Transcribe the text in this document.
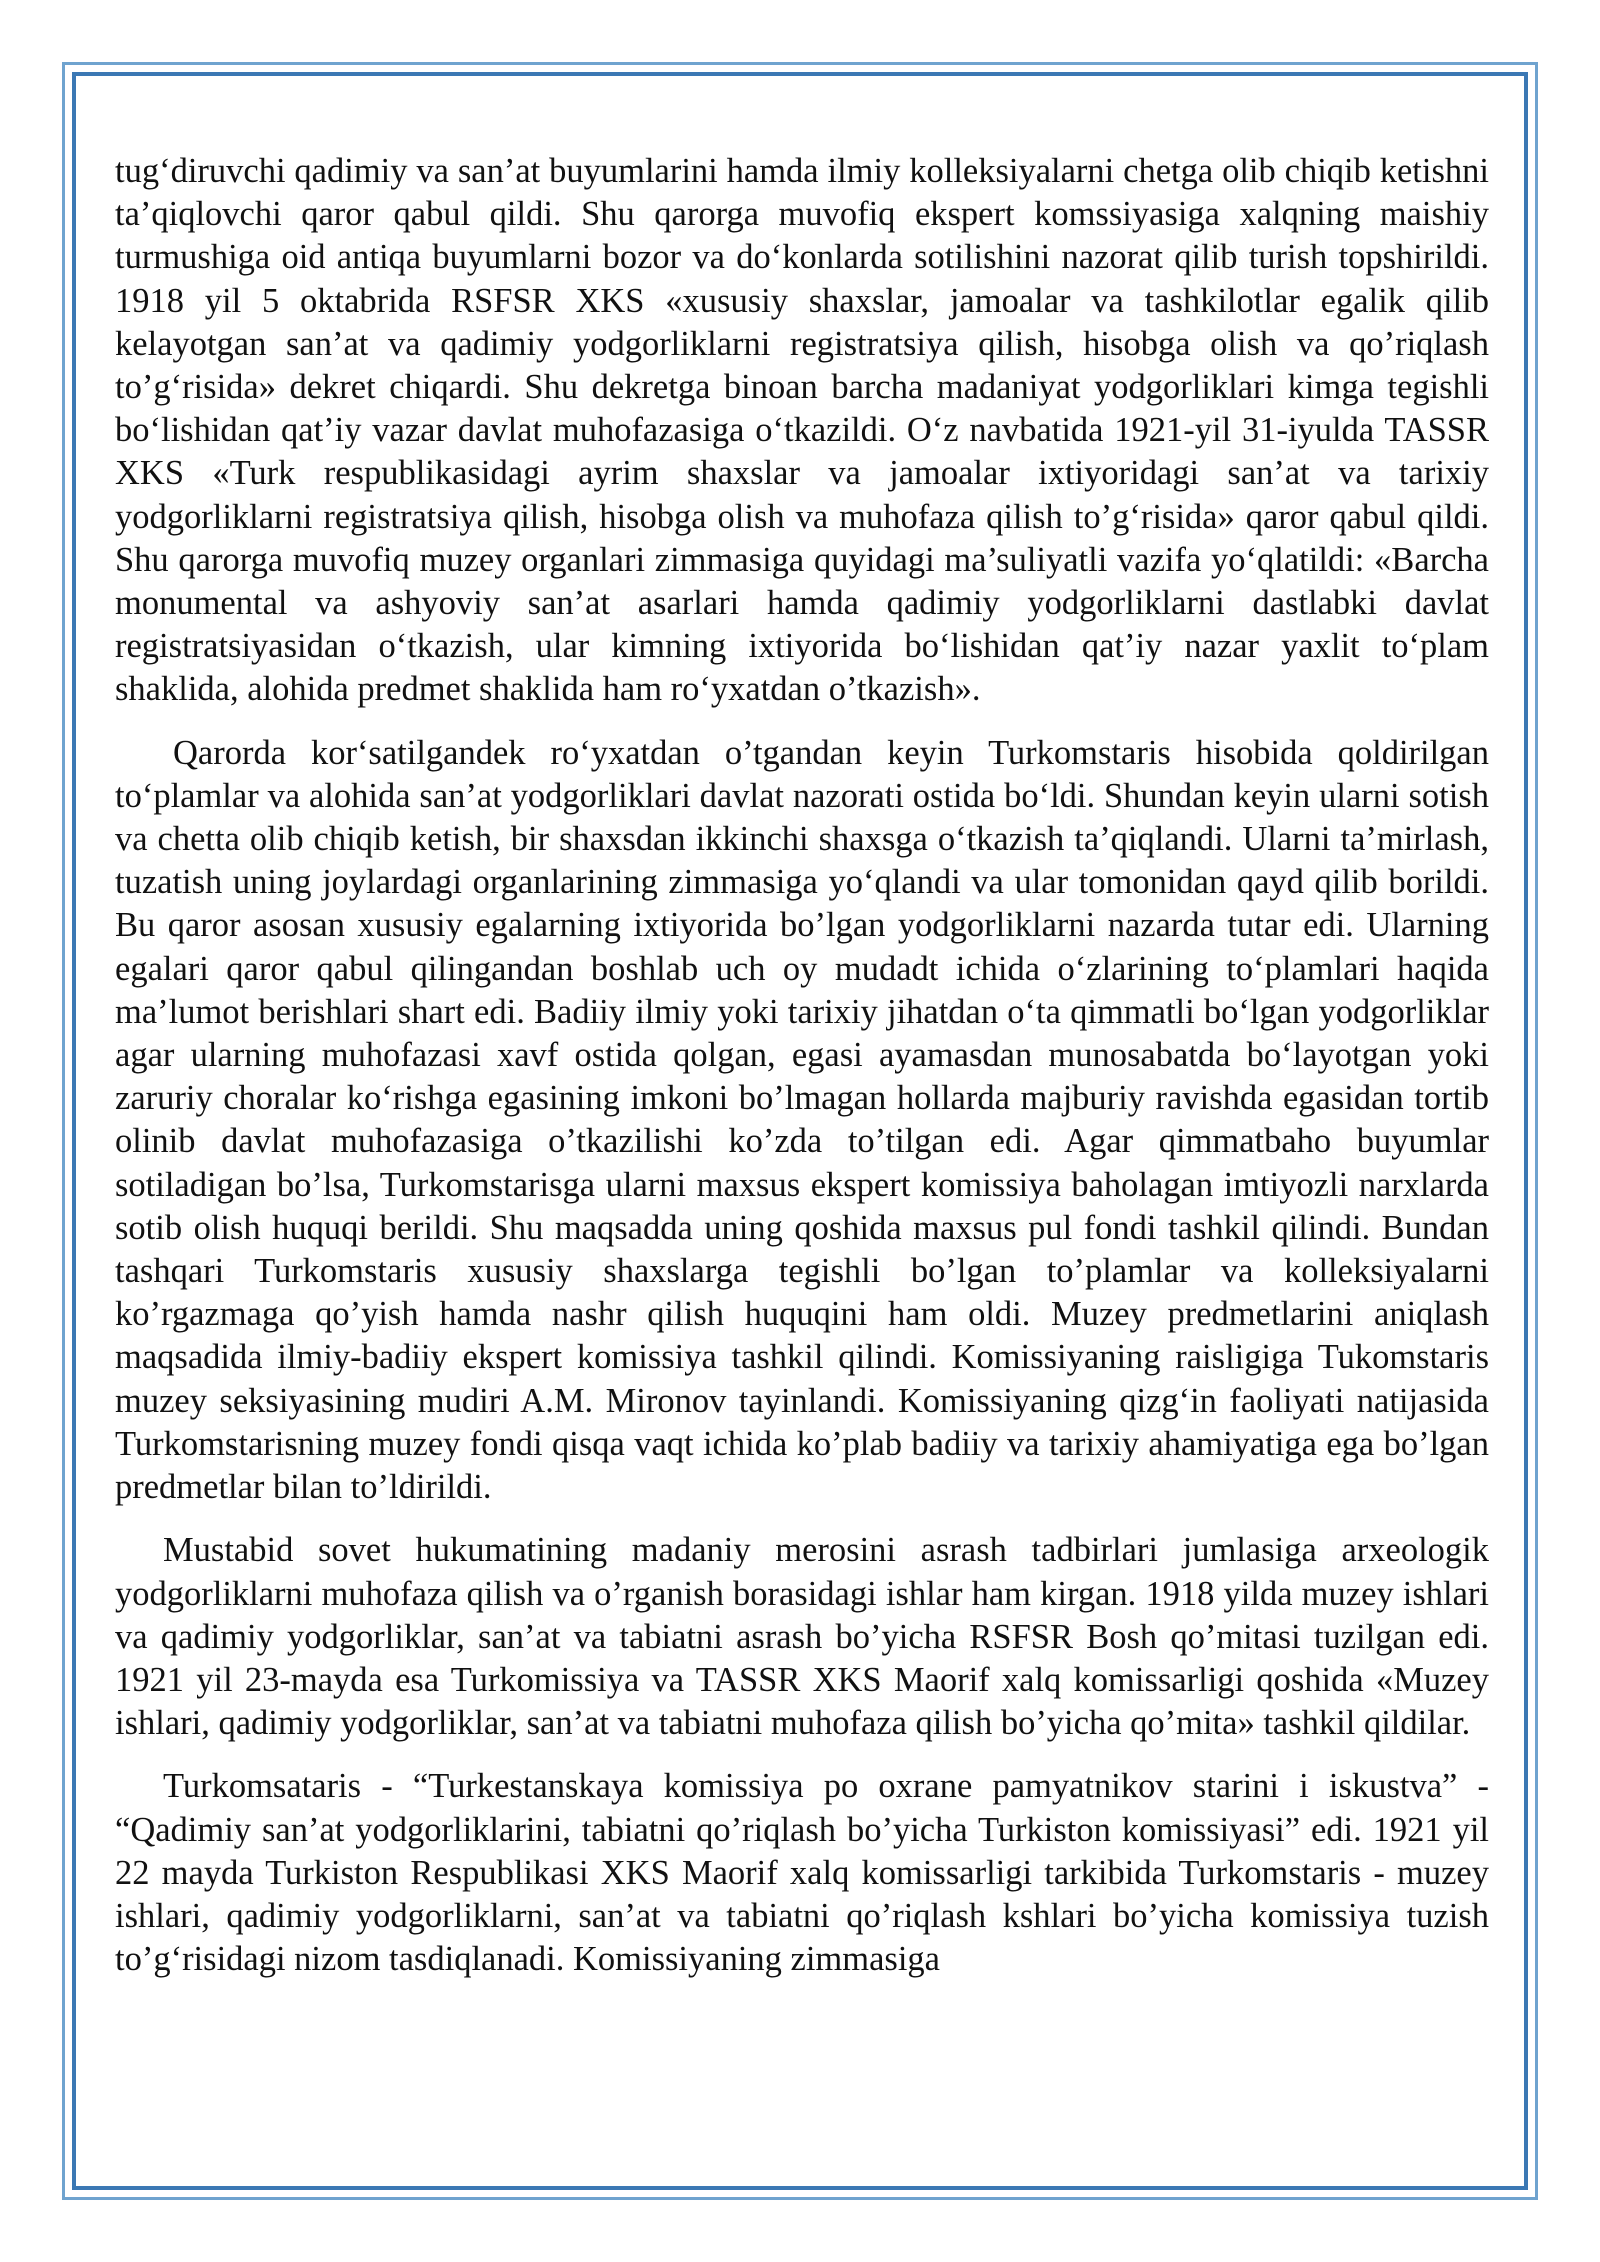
tug‘diruvchi qadimiy va san’at buyumlarini hamda ilmiy kolleksiyalarni chetga olib chiqib ketishni ta’qiqlovchi qaror qabul qildi. Shu qarorga muvofiq ekspert komssiyasiga xalqning maishiy turmushiga oid antiqa buyumlarni bozor va do‘konlarda sotilishini nazorat qilib turish topshirildi. 1918 yil 5 oktabrida RSFSR XKS «xususiy shaxslar, jamoalar va tashkilotlar egalik qilib kelayotgan san’at va qadimiy yodgorliklarni registratsiya qilish, hisobga olish va qo’riqlash to’g‘risida» dekret chiqardi. Shu dekretga binoan barcha madaniyat yodgorliklari kimga tegishli bo‘lishidan qat’iy vazar davlat muhofazasiga o‘tkazildi. O‘z navbatida 1921-yil 31-iyulda TASSR XKS «Turk respublikasidagi ayrim shaxslar va jamoalar ixtiyoridagi san’at va tarixiy yodgorliklarni registratsiya qilish, hisobga olish va muhofaza qilish to’g‘risida» qaror qabul qildi. Shu qarorga muvofiq muzey organlari zimmasiga quyidagi ma’suliyatli vazifa yo‘qlatildi: «Barcha monumental va ashyoviy san’at asarlari hamda qadimiy yodgorliklarni dastlabki davlat registratsiyasidan o‘tkazish, ular kimning ixtiyorida bo‘lishidan qat’iy nazar yaxlit to‘plam shaklida, alohida predmet shaklida ham ro‘yxatdan o’tkazish».

Qarorda kor‘satilgandek ro‘yxatdan o’tgandan keyin Turkomstaris hisobida qoldirilgan to‘plamlar va alohida san’at yodgorliklari davlat nazorati ostida bo‘ldi. Shundan keyin ularni sotish va chetta olib chiqib ketish, bir shaxsdan ikkinchi shaxsga o‘tkazish ta’qiqlandi. Ularni ta’mirlash, tuzatish uning joylardagi organlarining zimmasiga yo‘qlandi va ular tomonidan qayd qilib borildi. Bu qaror asosan xususiy egalarning ixtiyorida bo’lgan yodgorliklarni nazarda tutar edi. Ularning egalari qaror qabul qilingandan boshlab uch oy mudadt ichida o‘zlarining to‘plamlari haqida ma’lumot berishlari shart edi. Badiiy ilmiy yoki tarixiy jihatdan o‘ta qimmatli bo‘lgan yodgorliklar agar ularning muhofazasi xavf ostida qolgan, egasi ayamasdan munosabatda bo‘layotgan yoki zaruriy choralar ko‘rishga egasining imkoni bo’lmagan hollarda majburiy ravishda egasidan tortib olinib davlat muhofazasiga o’tkazilishi ko’zda to’tilgan edi. Agar qimmatbaho buyumlar sotiladigan bo’lsa, Turkomstarisga ularni maxsus ekspert komissiya baholagan imtiyozli narxlarda sotib olish huquqi berildi. Shu maqsadda uning qoshida maxsus pul fondi tashkil qilindi. Bundan tashqari Turkomstaris xususiy shaxslarga tegishli bo’lgan to’plamlar va kolleksiyalarni ko’rgazmaga qo’yish hamda nashr qilish huquqini ham oldi. Muzey predmetlarini aniqlash maqsadida ilmiy-badiiy ekspert komissiya tashkil qilindi. Komissiyaning raisligiga Tukomstaris muzey seksiyasining mudiri A.M. Mironov tayinlandi. Komissiyaning qizg‘in faoliyati natijasida Turkomstarisning muzey fondi qisqa vaqt ichida ko’plab badiiy va tarixiy ahamiyatiga ega bo’lgan predmetlar bilan to’ldirildi.

Mustabid sovet hukumatining madaniy merosini asrash tadbirlari jumlasiga arxeologik yodgorliklarni muhofaza qilish va o’rganish borasidagi ishlar ham kirgan. 1918 yilda muzey ishlari va qadimiy yodgorliklar, san’at va tabiatni asrash bo’yicha RSFSR Bosh qo’mitasi tuzilgan edi. 1921 yil 23-mayda esa Turkomissiya va TASSR XKS Maorif xalq komissarligi qoshida «Muzey ishlari, qadimiy yodgorliklar, san’at va tabiatni muhofaza qilish bo’yicha qo’mita» tashkil qildilar.

Turkomsataris - “Turkestanskaya komissiya po oxrane pamyatnikov starini i iskustva” - “Qadimiy san’at yodgorliklarini, tabiatni qo’riqlash bo’yicha Turkiston komissiyasi” edi. 1921 yil 22 mayda Turkiston Respublikasi XKS Maorif xalq komissarligi tarkibida Turkomstaris - muzey ishlari, qadimiy yodgorliklarni, san’at va tabiatni qo’riqlash kshlari bo’yicha komissiya tuzish to’g‘risidagi nizom tasdiqlanadi. Komissiyaning zimmasiga
